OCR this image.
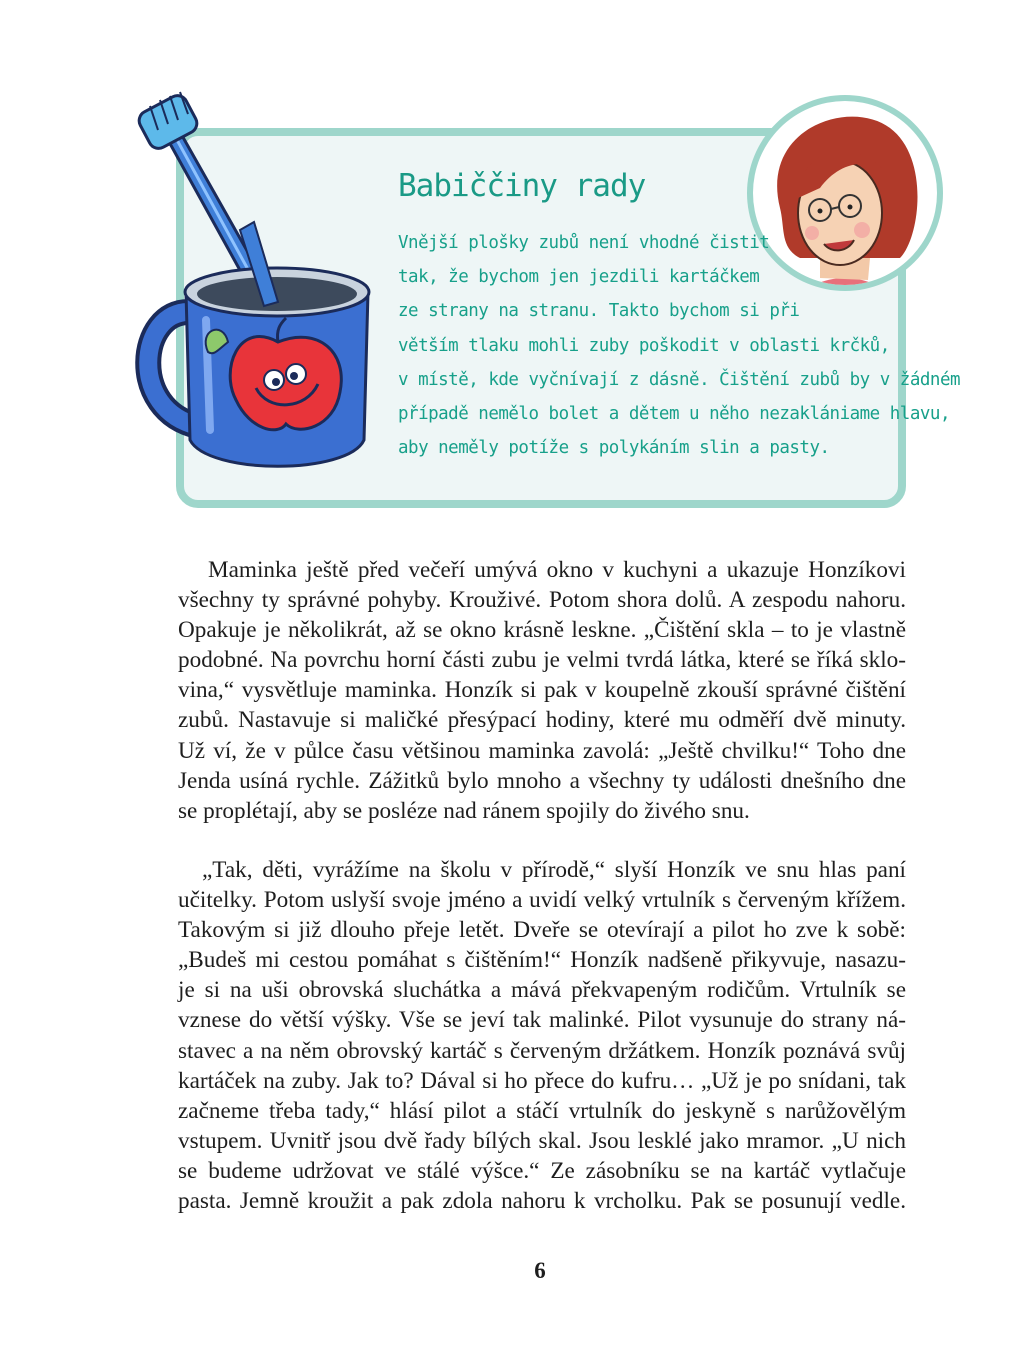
Babiččiny rady
Vnější plošky zubů není vhodné čistit
tak, že bychom jen jezdili kartáčkem
ze strany na stranu. Takto bychom si při
větším tlaku mohli zuby poškodit v oblasti krčků,
v místě, kde vyčnívají z dásně. Čištění zubů by v žádném
případě nemělo bolet a dětem u něho nezaklániame hlavu,
aby neměly potíže s polykáním slin a pasty.
Maminka ještě před večeří umývá okno v kuchyni a ukazuje Honzíkovi
všechny ty správné pohyby. Krouživé. Potom shora dolů. A zespodu nahoru.
Opakuje je několikrát, až se okno krásně leskne. „Čištění skla – to je vlastně
podobné. Na povrchu horní části zubu je velmi tvrdá látka, které se říká sklo-
vina,“ vysvětluje maminka. Honzík si pak v koupelně zkouší správné čištění
zubů. Nastavuje si maličké přesýpací hodiny, které mu odměří dvě minuty.
Už ví, že v půlce času většinou maminka zavolá: „Ještě chvilku!“ Toho dne
Jenda usíná rychle. Zážitků bylo mnoho a všechny ty události dnešního dne
se proplétají, aby se posléze nad ránem spojily do živého snu.
„Tak, děti, vyrážíme na školu v přírodě,“ slyší Honzík ve snu hlas paní
učitelky. Potom uslyší svoje jméno a uvidí velký vrtulník s červeným křížem.
Takovým si již dlouho přeje letět. Dveře se otevírají a pilot ho zve k sobě:
„Budeš mi cestou pomáhat s čištěním!“ Honzík nadšeně přikyvuje, nasazu-
je si na uši obrovská sluchátka a mává překvapeným rodičům. Vrtulník se
vznese do větší výšky. Vše se jeví tak malinké. Pilot vysunuje do strany ná-
stavec a na něm obrovský kartáč s červeným držátkem. Honzík poznává svůj
kartáček na zuby. Jak to? Dával si ho přece do kufru… „Už je po snídani, tak
začneme třeba tady,“ hlásí pilot a stáčí vrtulník do jeskyně s narůžovělým
vstupem. Uvnitř jsou dvě řady bílých skal. Jsou lesklé jako mramor. „U nich
se budeme udržovat ve stálé výšce.“ Ze zásobníku se na kartáč vytlačuje
pasta. Jemně kroužit a pak zdola nahoru k vrcholku. Pak se posunují vedle.
6
